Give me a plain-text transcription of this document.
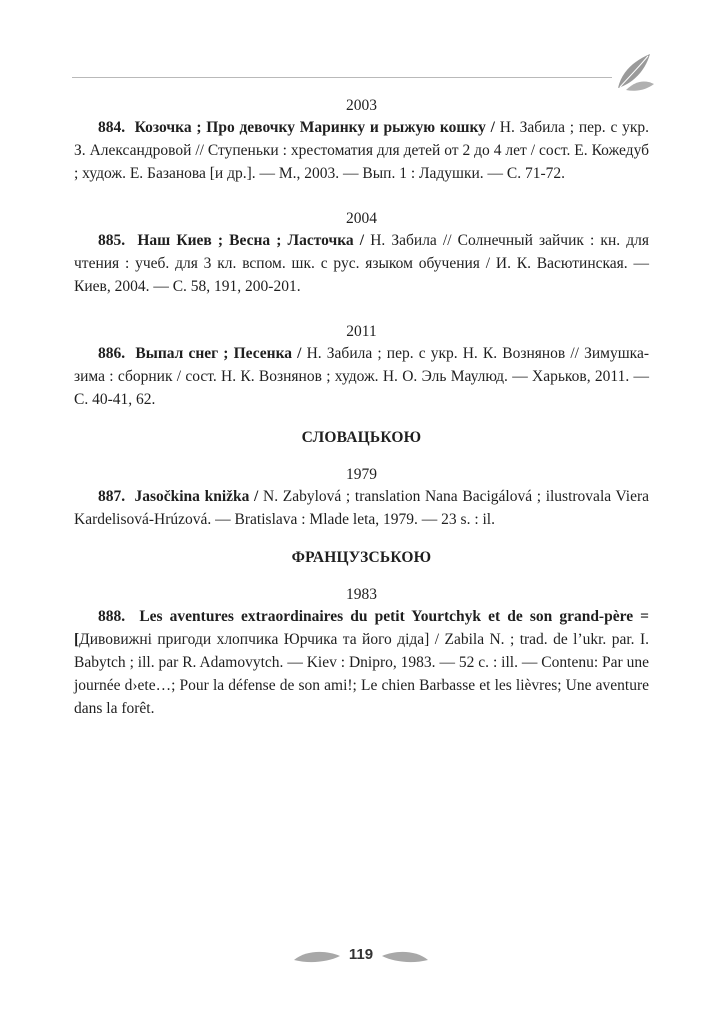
2003

884. Козочка ; Про девочку Маринку и рыжую кошку / Н. Забила ; пер. с укр. З. Александровой // Ступеньки : хрестоматия для детей от 2 до 4 лет / сост. Е. Кожедуб ; худож. Е. Базанова [и др.]. — М., 2003. — Вып. 1 : Ладушки. — С. 71-72.

2004

885. Наш Киев ; Весна ; Ласточка / Н. Забила // Солнечный зайчик : кн. для чтения : учеб. для 3 кл. вспом. шк. с рус. языком обучения / И. К. Васютинская. — Киев, 2004. — С. 58, 191, 200-201.

2011

886. Выпал снег ; Песенка / Н. Забила ; пер. с укр. Н. К. Вознянов // Зимушка-зима : сборник / сост. Н. К. Вознянов ; худож. Н. О. Эль Маулюд. — Харьков, 2011. — С. 40-41, 62.

СЛОВАЦЬКОЮ

1979

887. Jasočkina knižka / N. Zabylová ; translation Nana Bacigálová ; ilustrovala Viera Kardelisová-Hrúzová. — Bratislava : Mlade leta, 1979. — 23 s. : il.

ФРАНЦУЗСЬКОЮ

1983

888. Les aventures extraordinaires du petit Yourtchyk et de son grand-père = [Дивовижні пригоди хлопчика Юрчика та його діда] / Zabila N. ; trad. de l’ukr. par. I. Babytch ; ill. par R. Adamovytch. — Kiev : Dnipro, 1983. — 52 c. : ill. — Contenu: Par une journée d›ete…; Pour la défense de son ami!; Le chien Barbasse et les lièvres; Une aventure dans la forêt.

119
